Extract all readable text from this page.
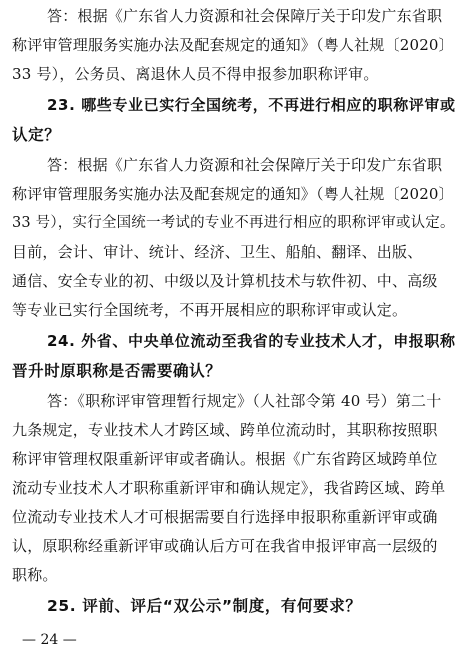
答：根据《广东省人力资源和社会保障厅关于印发广东省职
称评审管理服务实施办法及配套规定的通知》（粤人社规〔2020〕
33 号），公务员、离退休人员不得申报参加职称评审。
23. 哪些专业已实行全国统考，不再进行相应的职称评审或
认定？
答：根据《广东省人力资源和社会保障厅关于印发广东省职
称评审管理服务实施办法及配套规定的通知》（粤人社规〔2020〕
33 号），实行全国统一考试的专业不再进行相应的职称评审或认定。
目前，会计、审计、统计、经济、卫生、船舶、翻译、出版、
通信、安全专业的初、中级以及计算机技术与软件初、中、高级
等专业已实行全国统考，不再开展相应的职称评审或认定。
24. 外省、中央单位流动至我省的专业技术人才，申报职称
晋升时原职称是否需要确认？
答：《职称评审管理暂行规定》（人社部令第 40 号）第二十
九条规定，专业技术人才跨区域、跨单位流动时，其职称按照职
称评审管理权限重新评审或者确认。根据《广东省跨区域跨单位
流动专业技术人才职称重新评审和确认规定》，我省跨区域、跨单
位流动专业技术人才可根据需要自行选择申报职称重新评审或确
认，原职称经重新评审或确认后方可在我省申报评审高一层级的
职称。
25. 评前、评后“双公示”制度，有何要求？
— 24 —
